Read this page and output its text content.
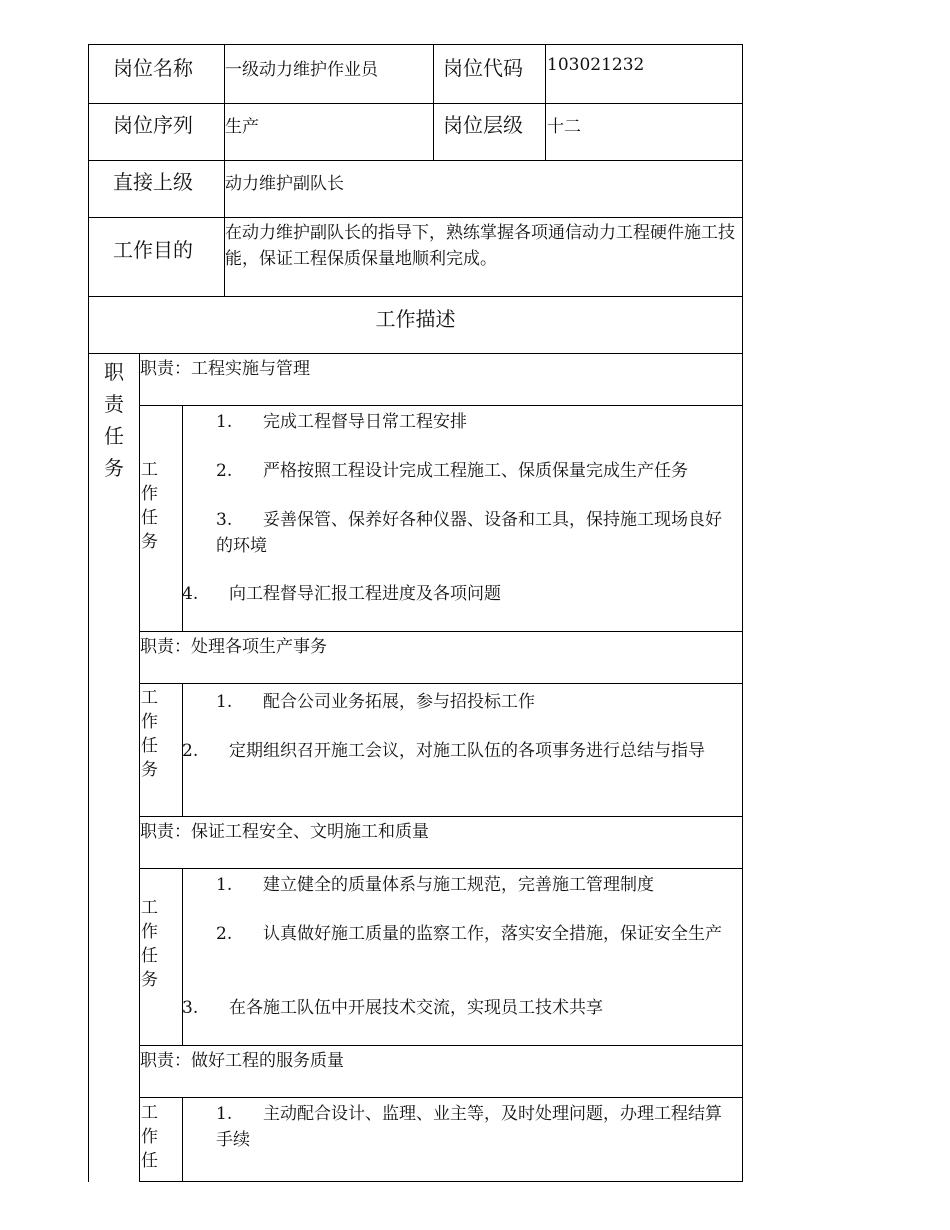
岗位名称 一级动力维护作业员	岗位代码 103021232
岗位序列 生产	岗位层级 十二
直接上级 动力维护副队长
工作目的
在动力维护副队长的指导下，熟练掌握各项通信动力工程硬件施工技能，保证工程保质保量地顺利完成。
工作描述
职责任务
职责：工程实施与管理
工作任务
1. 完成工程督导日常工程安排
2. 严格按照工程设计完成工程施工、保质保量完成生产任务
3. 妥善保管、保养好各种仪器、设备和工具，保持施工现场良好的环境
4. 向工程督导汇报工程进度及各项问题
职责：处理各项生产事务
工作任务
1. 配合公司业务拓展，参与招投标工作
2. 定期组织召开施工会议，对施工队伍的各项事务进行总结与指导
职责：保证工程安全、文明施工和质量
工作任务
1. 建立健全的质量体系与施工规范，完善施工管理制度
2. 认真做好施工质量的监察工作，落实安全措施，保证安全生产
3. 在各施工队伍中开展技术交流，实现员工技术共享
职责：做好工程的服务质量
工作任
1. 主动配合设计、监理、业主等，及时处理问题，办理工程结算手续
